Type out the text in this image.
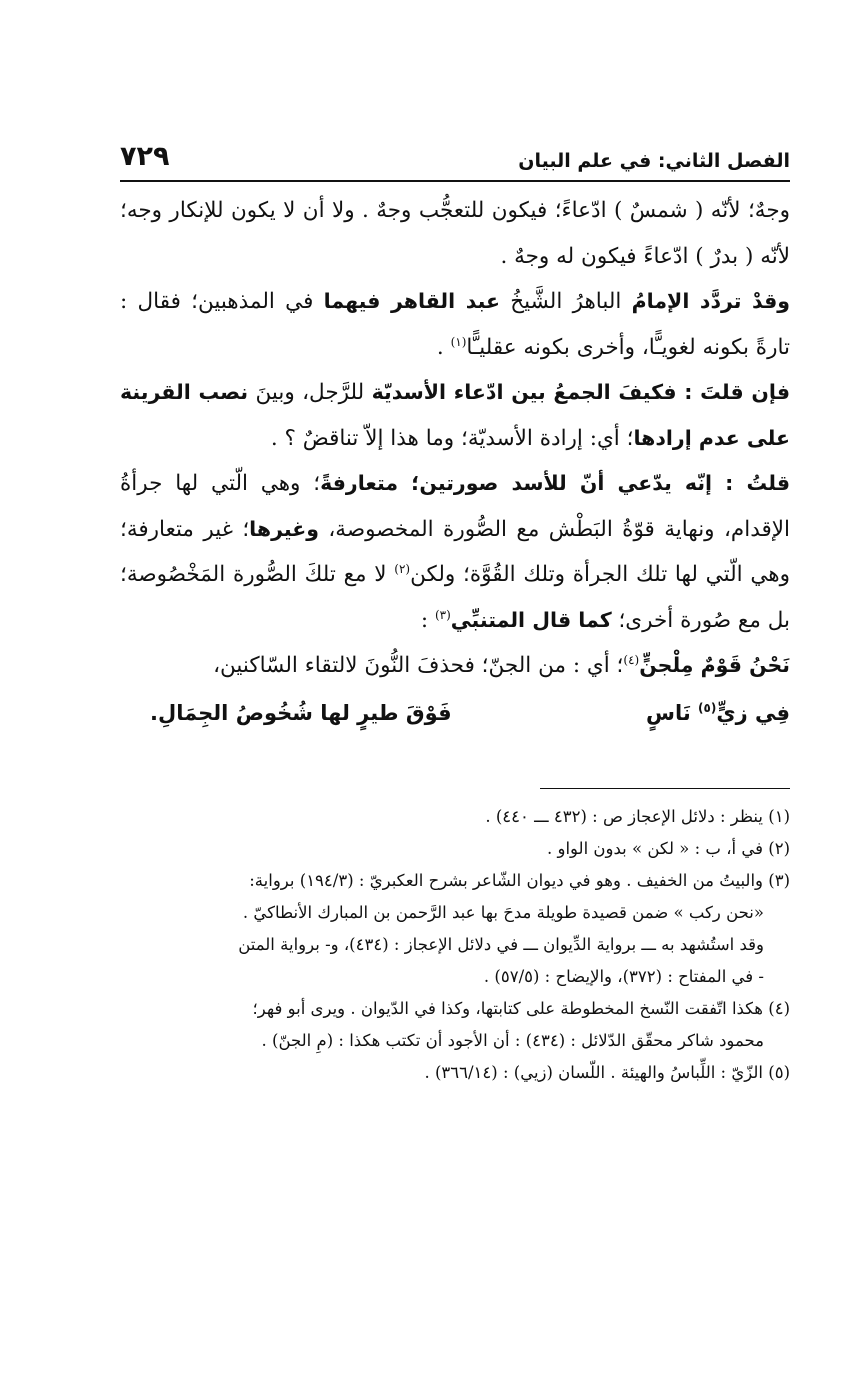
الفصل الثاني: في علم البيان
٧٢٩

وجهٌ؛ لأنّه ( شمسٌ ) ادّعاءً؛ فيكون للتعجُّب وجهٌ . ولا أن لا يكون للإنكار وجه؛ لأنّه ( بدرٌ ) ادّعاءً فيكون له وجهٌ .

وقدْ تردَّد الإمامُ الباهرُ الشَّيخُ عبد القاهر فيهما في المذهبين؛ فقال : تارةً بكونه لغويـًّا، وأخرى بكونه عقليـًّا$^{(١)}$ .

فإن قلتَ : فكيفَ الجمعُ بين ادّعاء الأسديّة للرَّجل، وبينَ نصب القرينة على عدم إرادها؛ أي: إرادة الأسديّة؛ وما هذا إلاّ تناقضٌ ؟ .

قلتُ : إنّه يدّعي أنّ للأسد صورتين؛ متعارفةً؛ وهي الّتي لها جرأةُ الإقدام، ونهاية قوّةُ البَطْش مع الصُّورة المخصوصة، وغيرها؛ غير متعارفة؛ وهي الّتي لها تلك الجرأة وتلك القُوَّة؛ ولكن$^{(٢)}$ لا مع تلكَ الصُّورة المَخْصُوصة؛ بل مع صُورة أخرى؛ كما قال المتنبِّي$^{(٣)}$ :

نَحْنُ قَوْمٌ مِلْجنٍّ$^{(٤)}$؛ أي : من الجنّ؛ فحذفَ النُّونَ لالتقاء السّاكنين،

فِي زيٍّ$^{(٥)}$ نَاسٍ
فَوْقَ طيرٍ لها شُخُوصُ الجِمَالِ.

(١) ينظر : دلائل الإعجاز ص : (٤٣٢ ـــ ٤٤٠) .

(٢) في أ، ب : « لكن » بدون الواو .

(٣) والبيتُ من الخفيف . وهو في ديوان الشّاعر بشرح العكبريّ : (١٩٤/٣) برواية:

«نحن ركب » ضمن قصيدة طويلة مدحَ بها عبد الرَّحمن بن المبارك الأنطاكيّ .

وقد استُشهد به ـــ برواية الدِّيوان ـــ في دلائل الإعجاز : (٤٣٤)، و- برواية المتن

- في المفتاح : (٣٧٢)، والإيضاح : (٥٧/٥) .

(٤) هكذا اتّفقت النّسخ المخطوطة على كتابتها، وكذا في الدّيوان . ويرى أبو فهر؛

محمود شاكر محقّق الدّلائل : (٤٣٤) : أن الأجود أن تكتب هكذا : (مِ الجنّ) .

(٥) الزّيّ : اللِّباسُ والهيئة . اللّسان (زيي) : (٣٦٦/١٤) .
